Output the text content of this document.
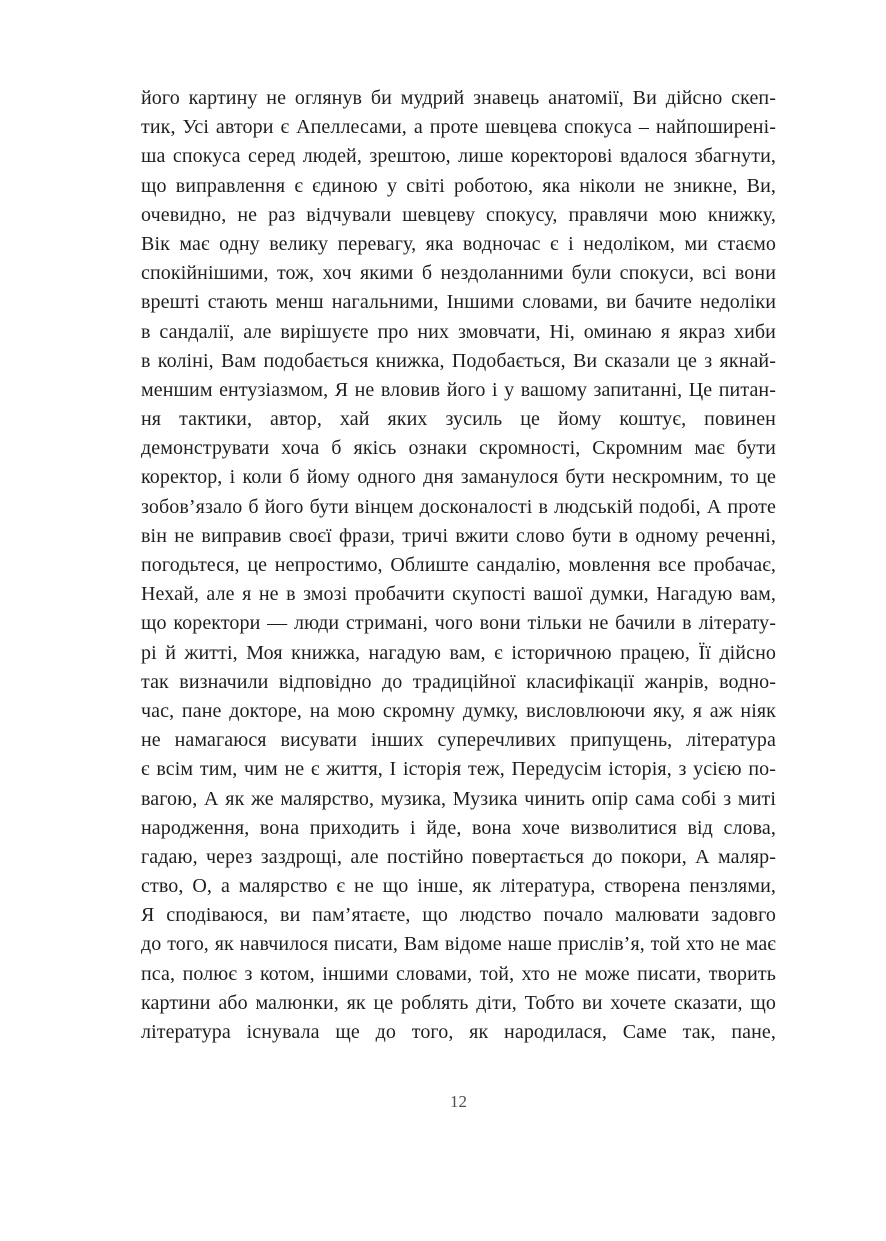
його картину не оглянув би мудрий знавець анатомії, Ви дійсно скеп-
тик, Усі автори є Апеллесами, а проте шевцева спокуса – найпоширені-
ша спокуса серед людей, зрештою, лише коректорові вдалося збагнути,
що виправлення є єдиною у світі роботою, яка ніколи не зникне, Ви,
очевидно, не раз відчували шевцеву спокусу, правлячи мою книжку,
Вік має одну велику перевагу, яка водночас є і недоліком, ми стаємо
спокійнішими, тож, хоч якими б нездоланними були спокуси, всі вони
врешті стають менш нагальними, Іншими словами, ви бачите недоліки
в сандалії, але вирішуєте про них змовчати, Ні, оминаю я якраз хиби
в коліні, Вам подобається книжка, Подобається, Ви сказали це з якнай-
меншим ентузіазмом, Я не вловив його і у вашому запитанні, Це питан-
ня тактики, автор, хай яких зусиль це йому коштує, повинен
демонструвати хоча б якісь ознаки скромності, Скромним має бути
коректор, і коли б йому одного дня заманулося бути нескромним, то це
зобов’язало б його бути вінцем досконалості в людській подобі, А проте
він не виправив своєї фрази, тричі вжити слово бути в одному реченні,
погодьтеся, це непростимо, Облиште сандалію, мовлення все пробачає,
Нехай, але я не в змозі пробачити скупості вашої думки, Нагадую вам,
що коректори — люди стримані, чого вони тільки не бачили в літерату-
рі й житті, Моя книжка, нагадую вам, є історичною працею, Її дійсно
так визначили відповідно до традиційної класифікації жанрів, водно-
час, пане докторе, на мою скромну думку, висловлюючи яку, я аж ніяк
не намагаюся висувати інших суперечливих припущень, література
є всім тим, чим не є життя, І історія теж, Передусім історія, з усією по-
вагою, А як же малярство, музика, Музика чинить опір сама собі з миті
народження, вона приходить і йде, вона хоче визволитися від слова,
гадаю, через заздрощі, але постійно повертається до покори, А маляр-
ство, О, а малярство є не що інше, як література, створена пензлями,
Я сподіваюся, ви пам’ятаєте, що людство почало малювати задовго
до того, як навчилося писати, Вам відоме наше прислів’я, той хто не має
пса, полює з котом, іншими словами, той, хто не може писати, творить
картини або малюнки, як це роблять діти, Тобто ви хочете сказати, що
література існувала ще до того, як народилася, Саме так, пане,
12
